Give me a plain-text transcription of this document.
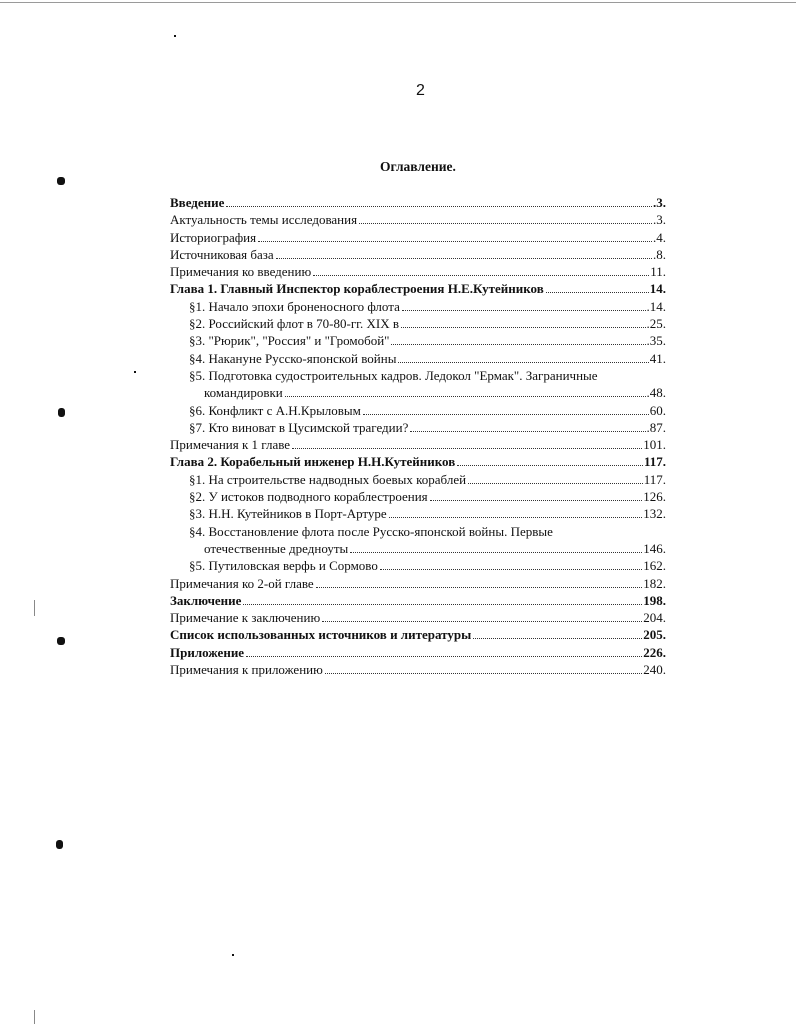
2
Оглавление.
Введение	.3.
Актуальность темы исследования	.3.
Историография	.4.
Источниковая база	.8.
Примечания ко введению	11.
Глава 1. Главный Инспектор кораблестроения Н.Е.Кутейников	14.
§1. Начало эпохи броненосного флота	.14.
§2. Российский флот в 70-80-гг. XIX в	.25.
§3. "Рюрик", "Россия" и "Громобой"	.35.
§4. Накануне Русско-японской войны	41.
§5. Подготовка судостроительных кадров. Ледокол "Ермак". Заграничные
командировки	.48.
§6. Конфликт с А.Н.Крыловым	60.
§7. Кто виноват в Цусимской трагедии?	.87.
Примечания к 1 главе	101.
Глава 2. Корабельный инженер Н.Н.Кутейников	117.
§1. На строительстве надводных боевых кораблей	117.
§2. У истоков подводного кораблестроения	126.
§3. Н.Н. Кутейников в Порт-Артуре	132.
§4. Восстановление флота после Русско-японской войны. Первые
отечественные дредноуты	146.
§5. Путиловская верфь и Сормово	162.
Примечания ко 2-ой главе	182.
Заключение	198.
Примечание к заключению	204.
Список использованных источников и литературы	205.
Приложение	226.
Примечания к приложению	240.
